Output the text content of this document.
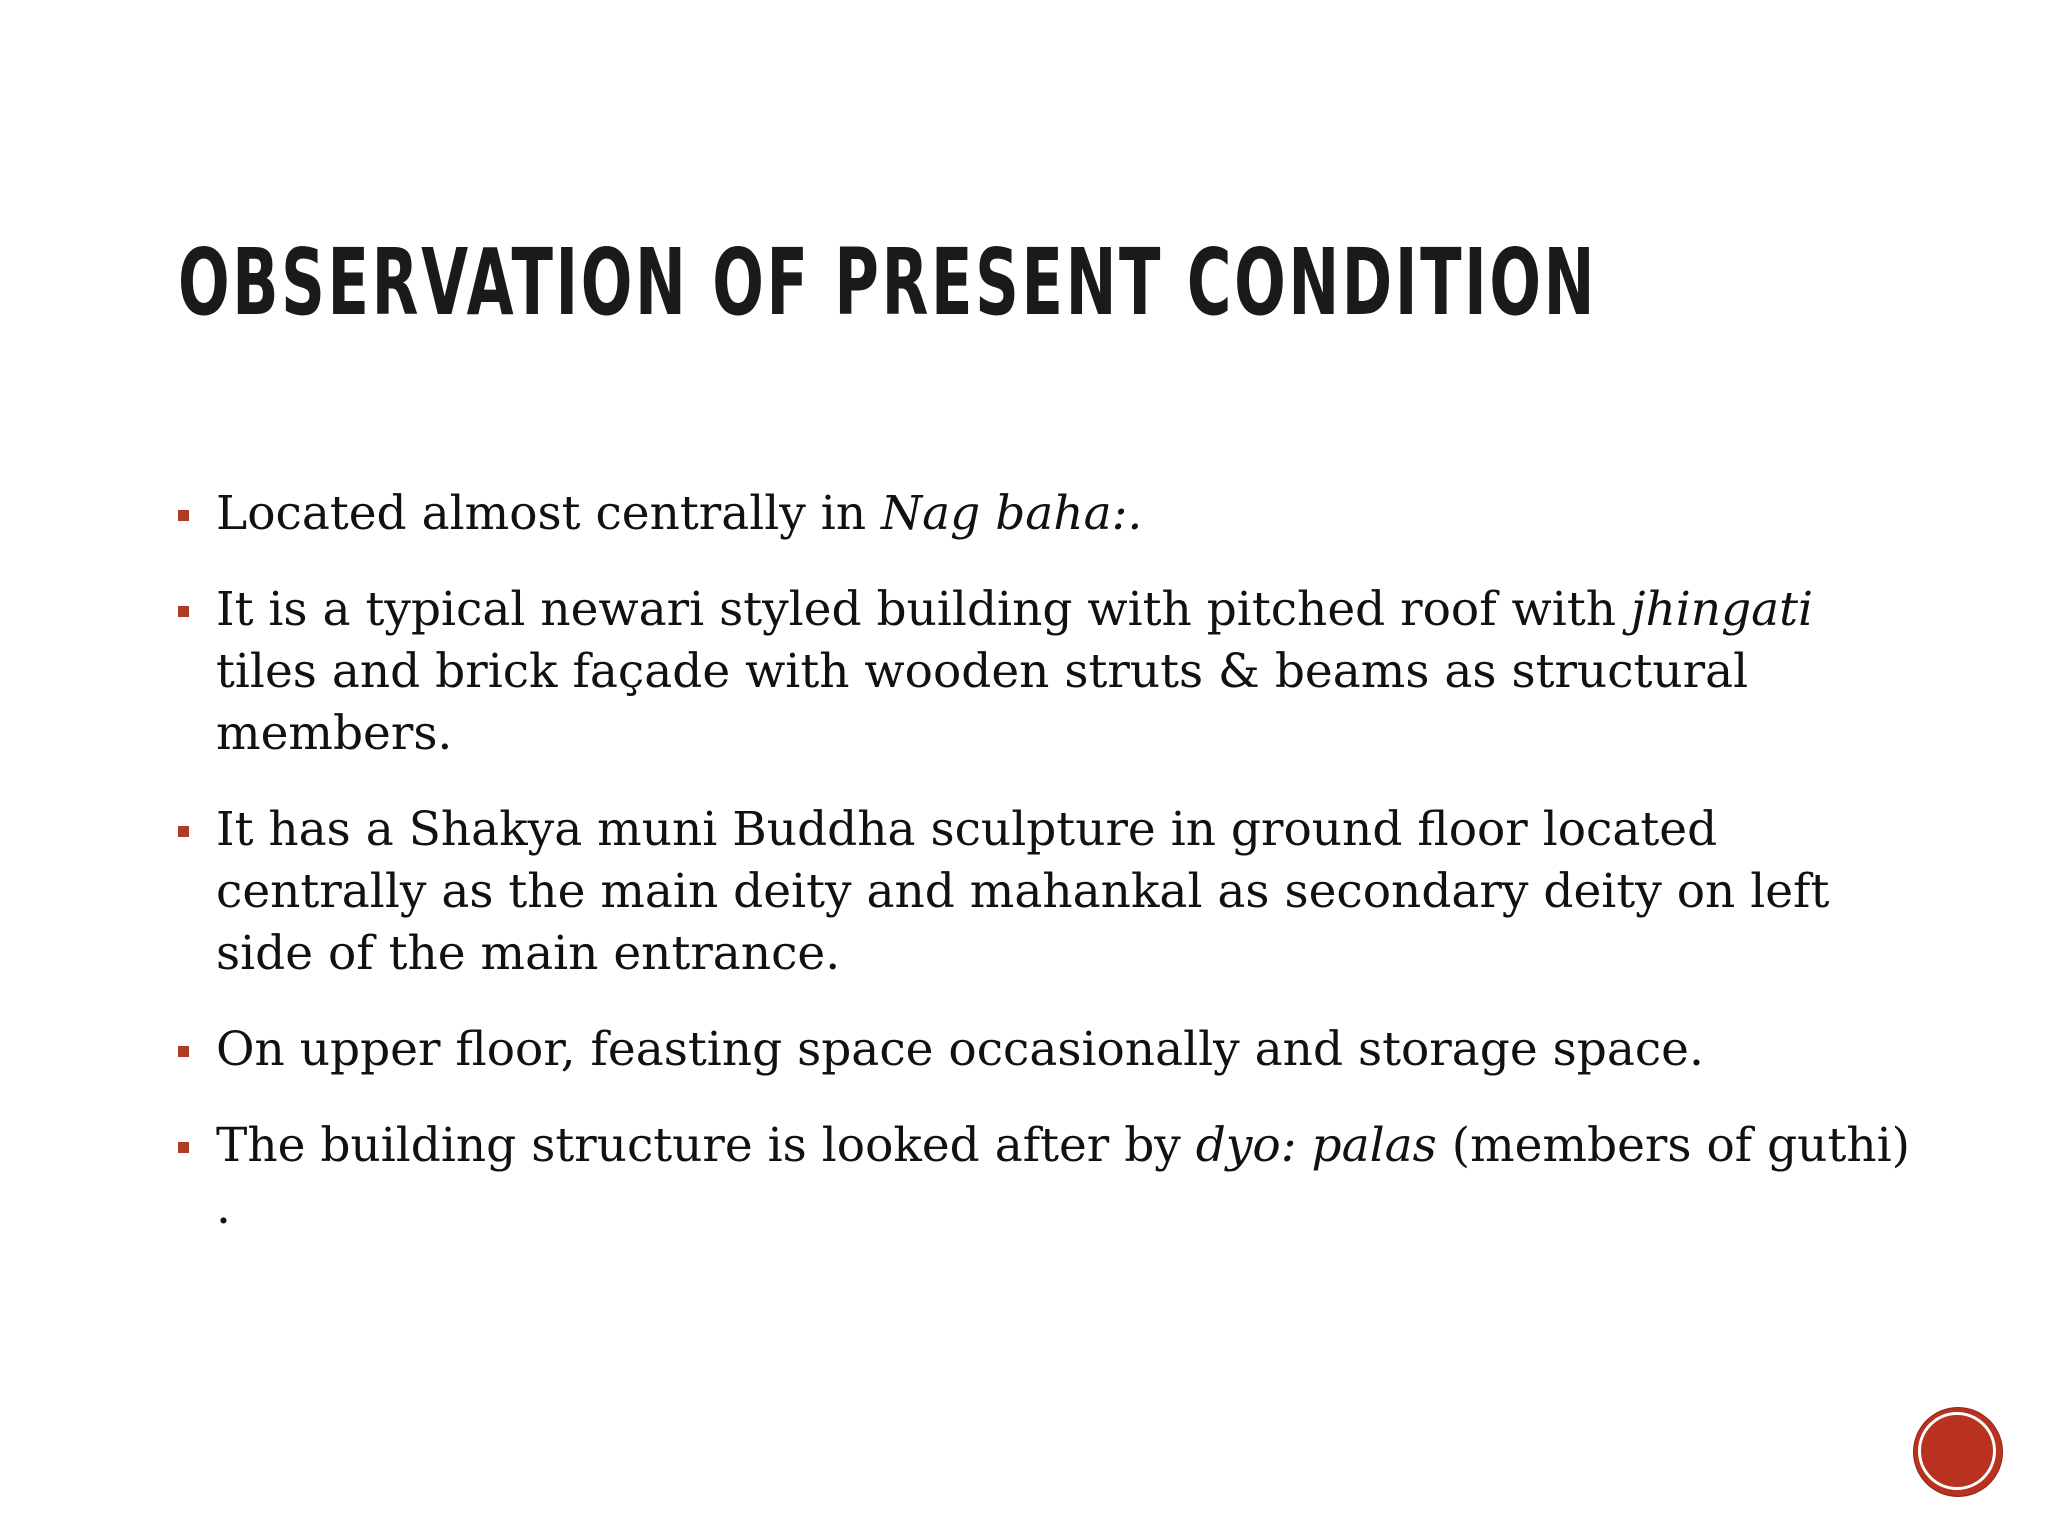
OBSERVATION OF PRESENT CONDITION
Located almost centrally in Nag baha:.
It is a typical newari styled building with pitched roof with jhingati tiles and brick façade with wooden struts & beams as structural members.
It has a Shakya muni Buddha sculpture in ground floor located centrally as the main deity and mahankal as secondary deity on left side of the main entrance.
On upper floor, feasting space occasionally and storage space.
The building structure is looked after by dyo: palas (members of guthi) .
